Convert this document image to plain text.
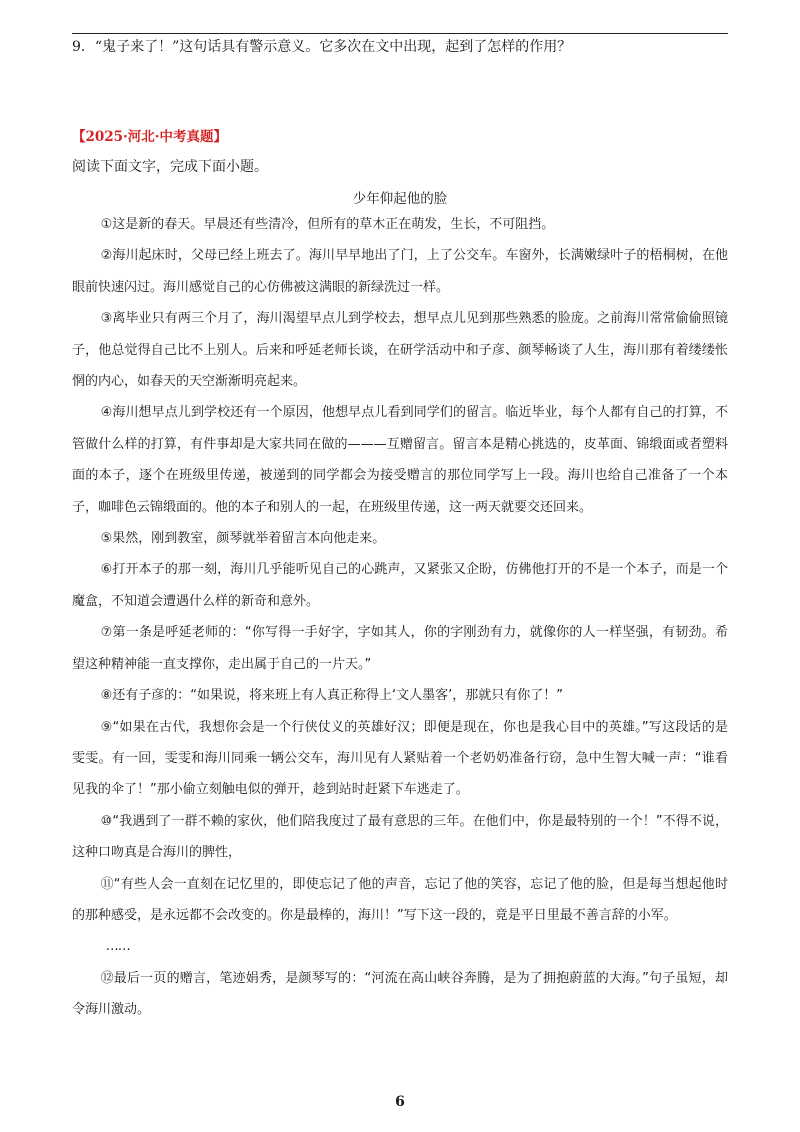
9．“鬼子来了！”这句话具有警示意义。它多次在文中出现，起到了怎样的作用？
【2025·河北·中考真题】
阅读下面文字，完成下面小题。
少年仰起他的脸

①这是新的春天。早晨还有些清冷，但所有的草木正在萌发，生长，不可阻挡。

②海川起床时，父母已经上班去了。海川早早地出了门，上了公交车。车窗外，长满嫩绿叶子的梧桐树，在他眼前快速闪过。海川感觉自己的心仿佛被这满眼的新绿洗过一样。

③离毕业只有两三个月了，海川渴望早点儿到学校去，想早点儿见到那些熟悉的脸庞。之前海川常常偷偷照镜子，他总觉得自己比不上别人。后来和呼延老师长谈，在研学活动中和子彦、颜琴畅谈了人生，海川那有着缕缕怅惘的内心，如春天的天空渐渐明亮起来。

④海川想早点儿到学校还有一个原因，他想早点儿看到同学们的留言。临近毕业，每个人都有自己的打算，不管做什么样的打算，有件事却是大家共同在做的———互赠留言。留言本是精心挑选的，皮革面、锦缎面或者塑料面的本子，逐个在班级里传递，被递到的同学都会为接受赠言的那位同学写上一段。海川也给自己准备了一个本子，咖啡色云锦缎面的。他的本子和别人的一起，在班级里传递，这一两天就要交还回来。

⑤果然，刚到教室，颜琴就举着留言本向他走来。

⑥打开本子的那一刻，海川几乎能听见自己的心跳声，又紧张又企盼，仿佛他打开的不是一个本子，而是一个魔盒，不知道会遭遇什么样的新奇和意外。

⑦第一条是呼延老师的：“你写得一手好字，字如其人，你的字刚劲有力，就像你的人一样坚强，有韧劲。希望这种精神能一直支撑你，走出属于自己的一片天。”

⑧还有子彦的：“如果说，将来班上有人真正称得上‘文人墨客’，那就只有你了！”

⑨“如果在古代，我想你会是一个行侠仗义的英雄好汉；即便是现在，你也是我心目中的英雄。”写这段话的是雯雯。有一回，雯雯和海川同乘一辆公交车，海川见有人紧贴着一个老奶奶准备行窃，急中生智大喊一声：“谁看见我的伞了！”那小偷立刻触电似的弹开，趁到站时赶紧下车逃走了。

⑩“我遇到了一群不赖的家伙，他们陪我度过了最有意思的三年。在他们中，你是最特别的一个！”不得不说，这种口吻真是合海川的脾性，

⑪“有些人会一直刻在记忆里的，即使忘记了他的声音，忘记了他的笑容，忘记了他的脸，但是每当想起他时的那种感受，是永远都不会改变的。你是最棒的，海川！”写下这一段的，竟是平日里最不善言辞的小军。

……

⑫最后一页的赠言，笔迹娟秀，是颜琴写的：“河流在高山峡谷奔腾，是为了拥抱蔚蓝的大海。”句子虽短，却令海川激动。

6
